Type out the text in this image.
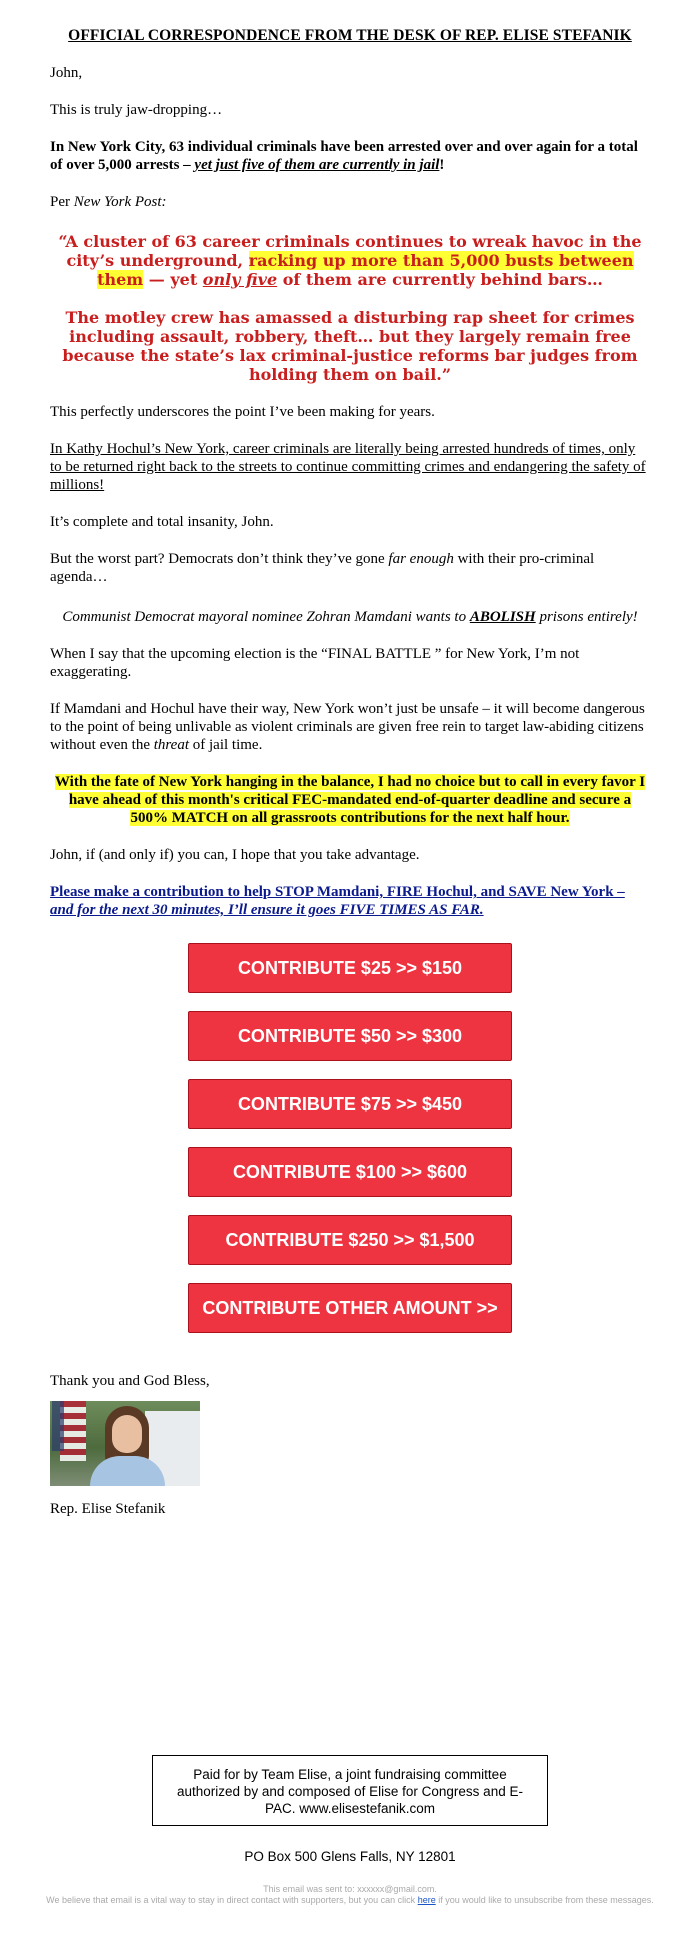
OFFICIAL CORRESPONDENCE FROM THE DESK OF REP. ELISE STEFANIK

John,

This is truly jaw-dropping…

In New York City, 63 individual criminals have been arrested over and over again for a total of over 5,000 arrests – yet just five of them are currently in jail!

Per New York Post:

“A cluster of 63 career criminals continues to wreak havoc in the city’s underground, racking up more than 5,000 busts between them — yet only five of them are currently behind bars…

The motley crew has amassed a disturbing rap sheet for crimes including assault, robbery, theft… but they largely remain free because the state’s lax criminal-justice reforms bar judges from holding them on bail.”

This perfectly underscores the point I’ve been making for years.

In Kathy Hochul’s New York, career criminals are literally being arrested hundreds of times, only to be returned right back to the streets to continue committing crimes and endangering the safety of millions!

It’s complete and total insanity, John.

But the worst part? Democrats don’t think they’ve gone far enough with their pro-criminal agenda…

Communist Democrat mayoral nominee Zohran Mamdani wants to ABOLISH prisons entirely!

When I say that the upcoming election is the “FINAL BATTLE ” for New York, I’m not exaggerating.

If Mamdani and Hochul have their way, New York won’t just be unsafe – it will become dangerous to the point of being unlivable as violent criminals are given free rein to target law-abiding citizens without even the threat of jail time.

With the fate of New York hanging in the balance, I had no choice but to call in every favor I have ahead of this month's critical FEC-mandated end-of-quarter deadline and secure a 500% MATCH on all grassroots contributions for the next half hour.

John, if (and only if) you can, I hope that you take advantage.

Please make a contribution to help STOP Mamdani, FIRE Hochul, and SAVE New York – and for the next 30 minutes, I’ll ensure it goes FIVE TIMES AS FAR.
CONTRIBUTE $25 >> $150
CONTRIBUTE $50 >> $300
CONTRIBUTE $75 >> $450
CONTRIBUTE $100 >> $600
CONTRIBUTE $250 >> $1,500
CONTRIBUTE OTHER AMOUNT >>

Thank you and God Bless,

Rep. Elise Stefanik

Paid for by Team Elise, a joint fundraising committee authorized by and composed of Elise for Congress and E-PAC. www.elisestefanik.com
PO Box 500 Glens Falls, NY 12801
This email was sent to: xxxxxx@gmail.com.
We believe that email is a vital way to stay in direct contact with supporters, but you can click here if you would like to unsubscribe from these messages.
